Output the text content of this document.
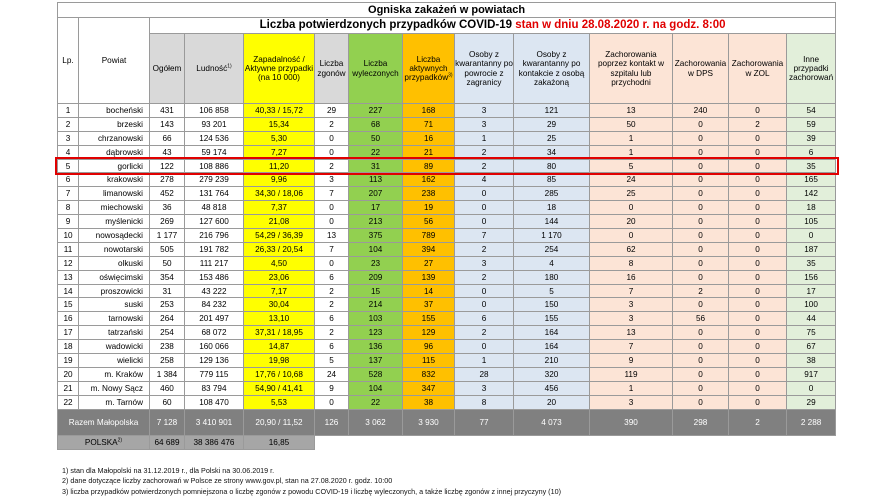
Ogniska zakażeń w powiatach													
Lp.	Powiat	Liczba potwierdzonych przypadków COVID-19 stan w dniu 28.08.2020 r. na godz. 8:00											
		Ogółem	Ludność$^{1)}$	Zapadalność / Aktywne przypadki (na 10 000)	Liczba zgonów	Liczba wyleczonych	Liczba aktywnych przypadków$^{3)}$	Osoby z kwarantanny po powrocie z zagranicy	Osoby z kwarantanny po kontakcie z osobą zakażoną	Zachorowania poprzez kontakt w szpitalu lub przychodni	Zachorowania w DPS	Zachorowania w ZOL	Inne przypadki zachorowań
1	bocheński	431	106 858	40,33 / 15,72	29	227	168	3	121	13	240	0	54
2	brzeski	143	93 201	15,34	2	68	71	3	29	50	0	2	59
3	chrzanowski	66	124 536	5,30	0	50	16	1	25	1	0	0	39
4	dąbrowski	43	59 174	7,27	0	22	21	2	34	1	0	0	6
5	gorlicki	122	108 886	11,20	2	31	89	2	80	5	0	0	35
6	krakowski	278	279 239	9,96	3	113	162	4	85	24	0	0	165
7	limanowski	452	131 764	34,30 / 18,06	7	207	238	0	285	25	0	0	142
8	miechowski	36	48 818	7,37	0	17	19	0	18	0	0	0	18
9	myślenicki	269	127 600	21,08	0	213	56	0	144	20	0	0	105
10	nowosądecki	1 177	216 796	54,29 / 36,39	13	375	789	7	1 170	0	0	0	0
11	nowotarski	505	191 782	26,33 / 20,54	7	104	394	2	254	62	0	0	187
12	olkuski	50	111 217	4,50	0	23	27	3	4	8	0	0	35
13	oświęcimski	354	153 486	23,06	6	209	139	2	180	16	0	0	156
14	proszowicki	31	43 222	7,17	2	15	14	0	5	7	2	0	17
15	suski	253	84 232	30,04	2	214	37	0	150	3	0	0	100
16	tarnowski	264	201 497	13,10	6	103	155	6	155	3	56	0	44
17	tatrzański	254	68 072	37,31 / 18,95	2	123	129	2	164	13	0	0	75
18	wadowicki	238	160 066	14,87	6	136	96	0	164	7	0	0	67
19	wielicki	258	129 136	19,98	5	137	115	1	210	9	0	0	38
20	m. Kraków	1 384	779 115	17,76 / 10,68	24	528	832	28	320	119	0	0	917
21	m. Nowy Sącz	460	83 794	54,90 / 41,41	9	104	347	3	456	1	0	0	0
22	m. Tarnów	60	108 470	5,53	0	22	38	8	20	3	0	0	29
Razem Małopolska		7 128	3 410 901	20,90 / 11,52	126	3 062	3 930	77	4 073	390	298	2	2 288
POLSKA$^{2)}$		64 689	38 386 476	16,85									
1) stan dla Małopolski na 31.12.2019 r., dla Polski na 30.06.2019 r.
2) dane dotyczące liczby zachorowań w Polsce ze strony www.gov.pl, stan na 27.08.2020 r. godz. 10:00
3) liczba przypadków potwierdzonych pomniejszona o liczbę zgonów z powodu COVID-19 i liczbę wyleczonych, a także liczbę zgonów z innej przyczyny (10)
